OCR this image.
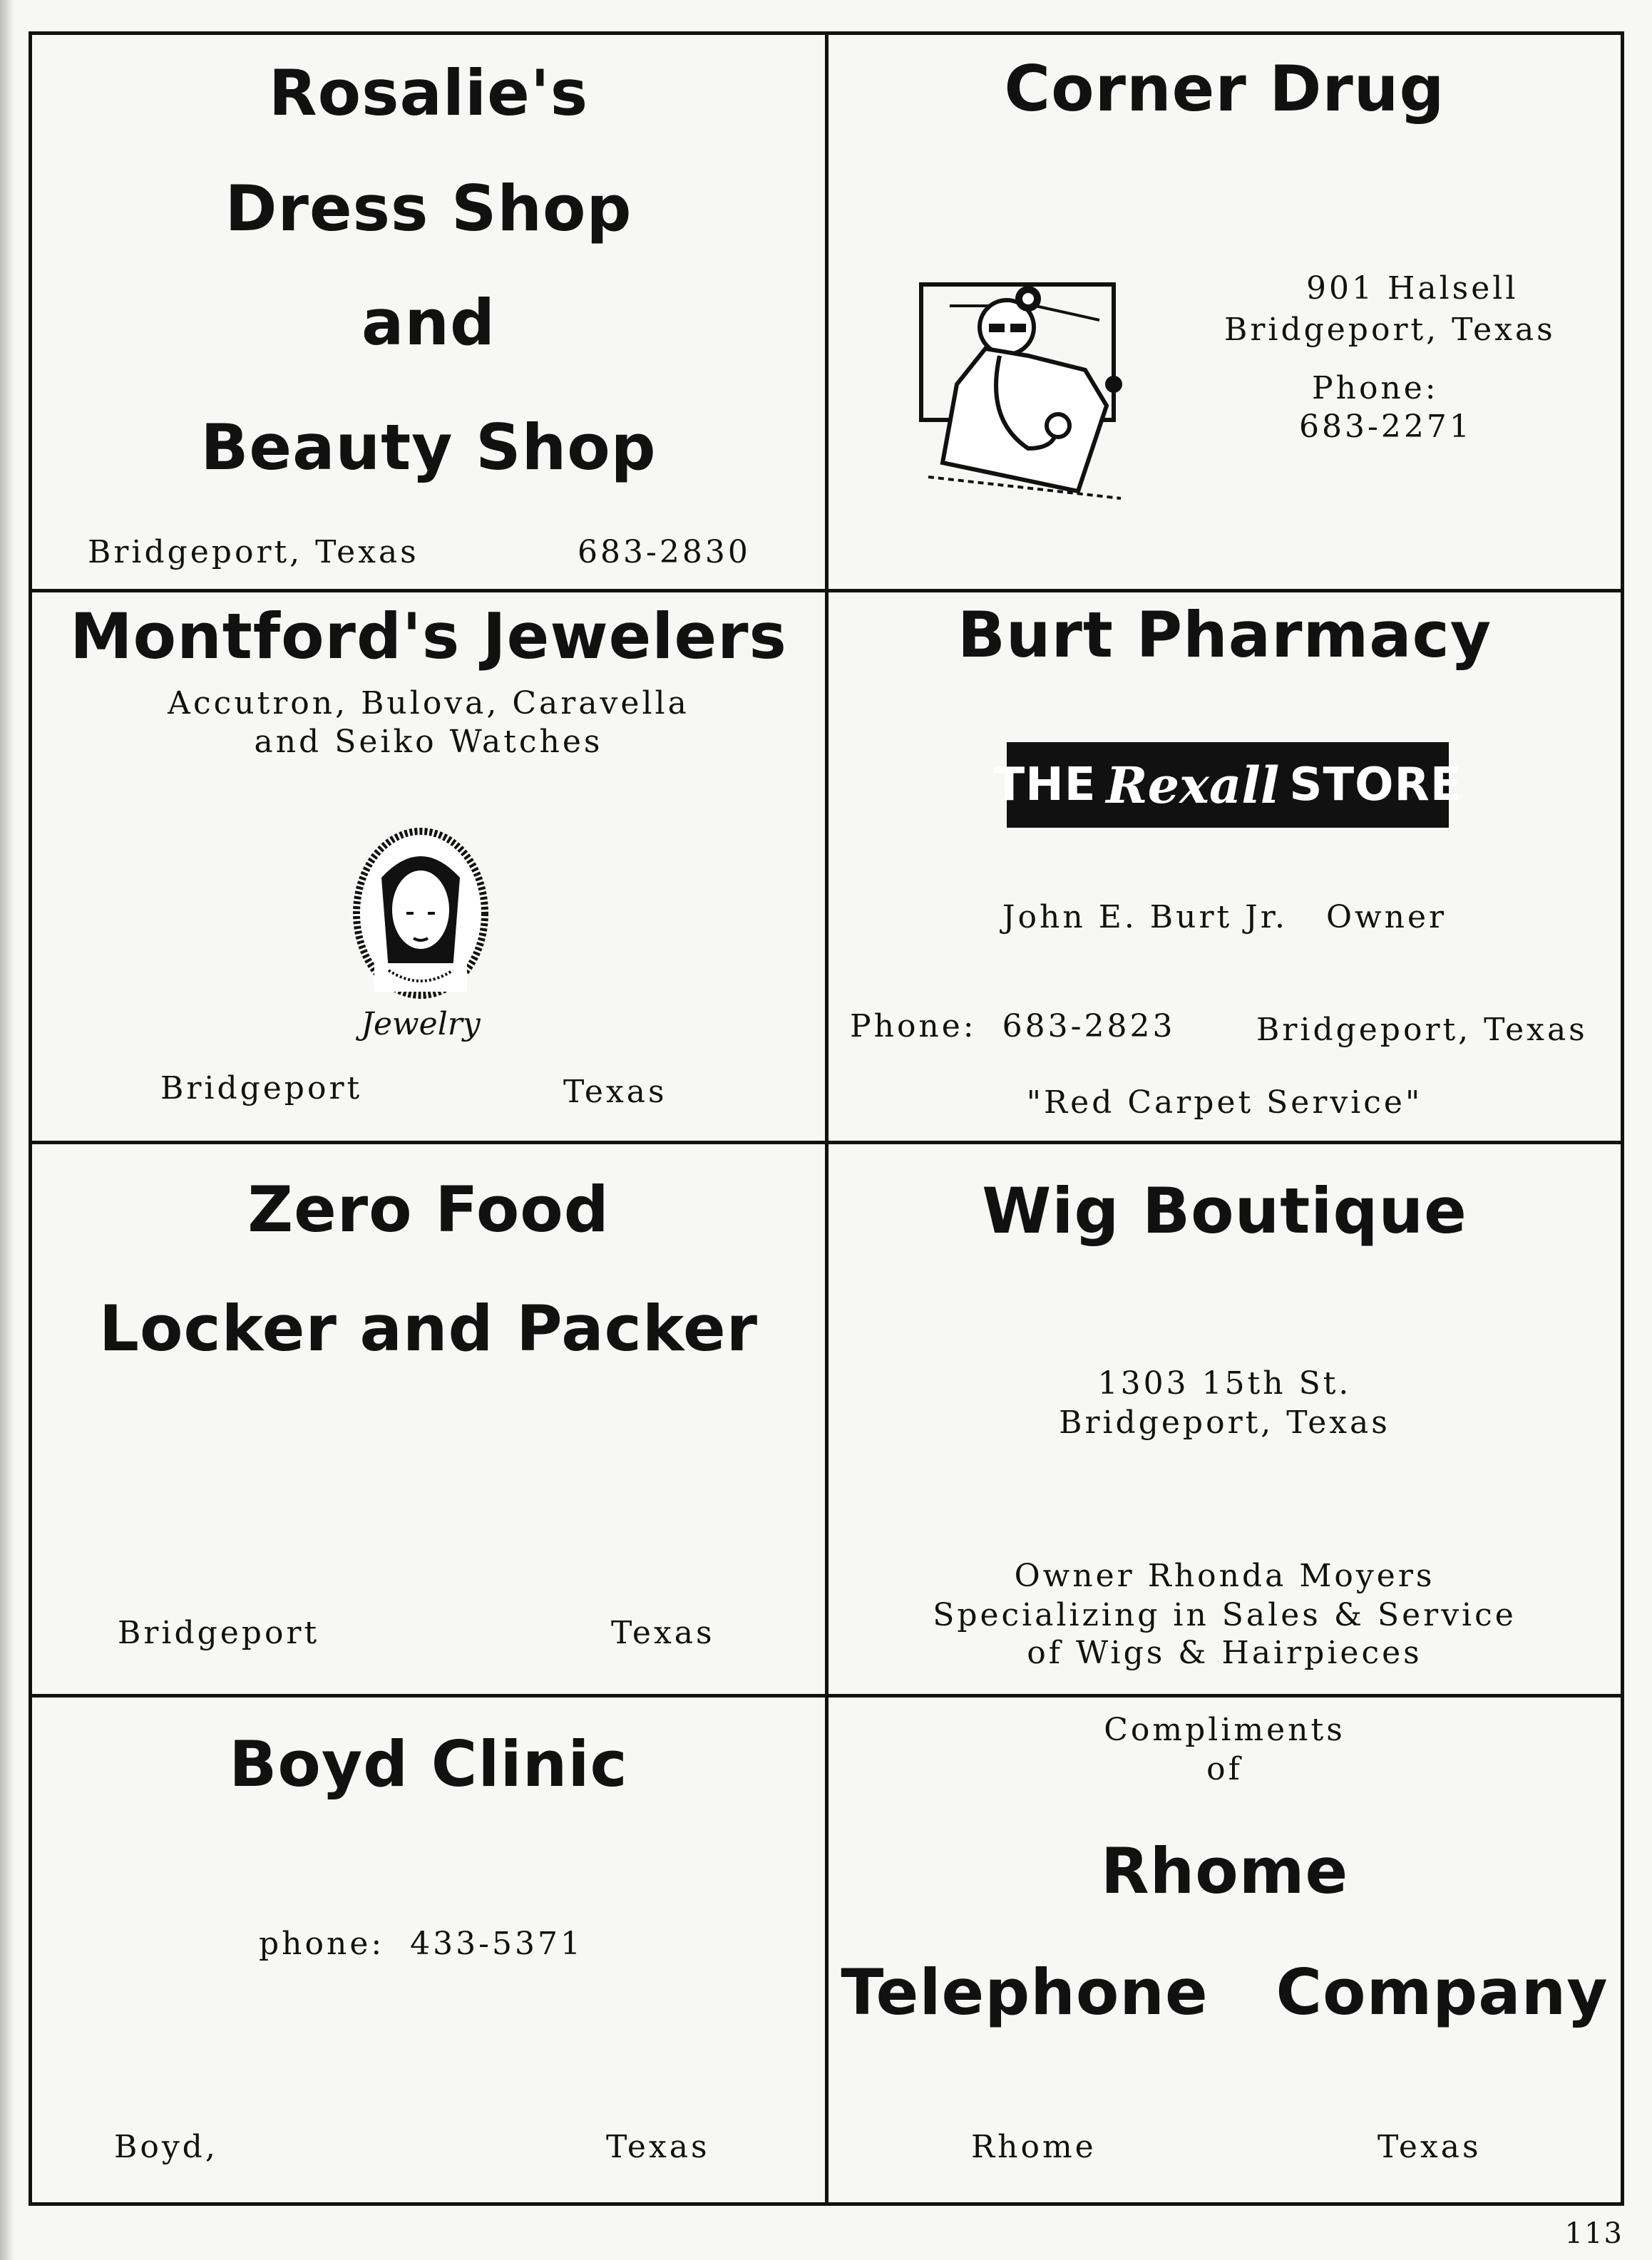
Rosalie's
Dress Shop
and
Beauty Shop
Bridgeport, Texas	683-2830
Corner Drug
901 Halsell
Bridgeport, Texas
Phone:
683-2271
Montford's Jewelers
Accutron, Bulova, Caravella
and Seiko Watches
Jewelry
Bridgeport	Texas
Burt Pharmacy
THE Rexall STORE
John E. Burt Jr.   Owner
Phone:  683-2823	Bridgeport, Texas
"Red Carpet Service"
Zero Food
Locker and Packer
Bridgeport	Texas
Wig Boutique
1303 15th St.
Bridgeport, Texas
Owner Rhonda Moyers
Specializing in Sales & Service
of Wigs & Hairpieces
Boyd Clinic
phone:  433-5371
Boyd,	Texas
Compliments
of
Rhome
Telephone   Company
Rhome	Texas
113
